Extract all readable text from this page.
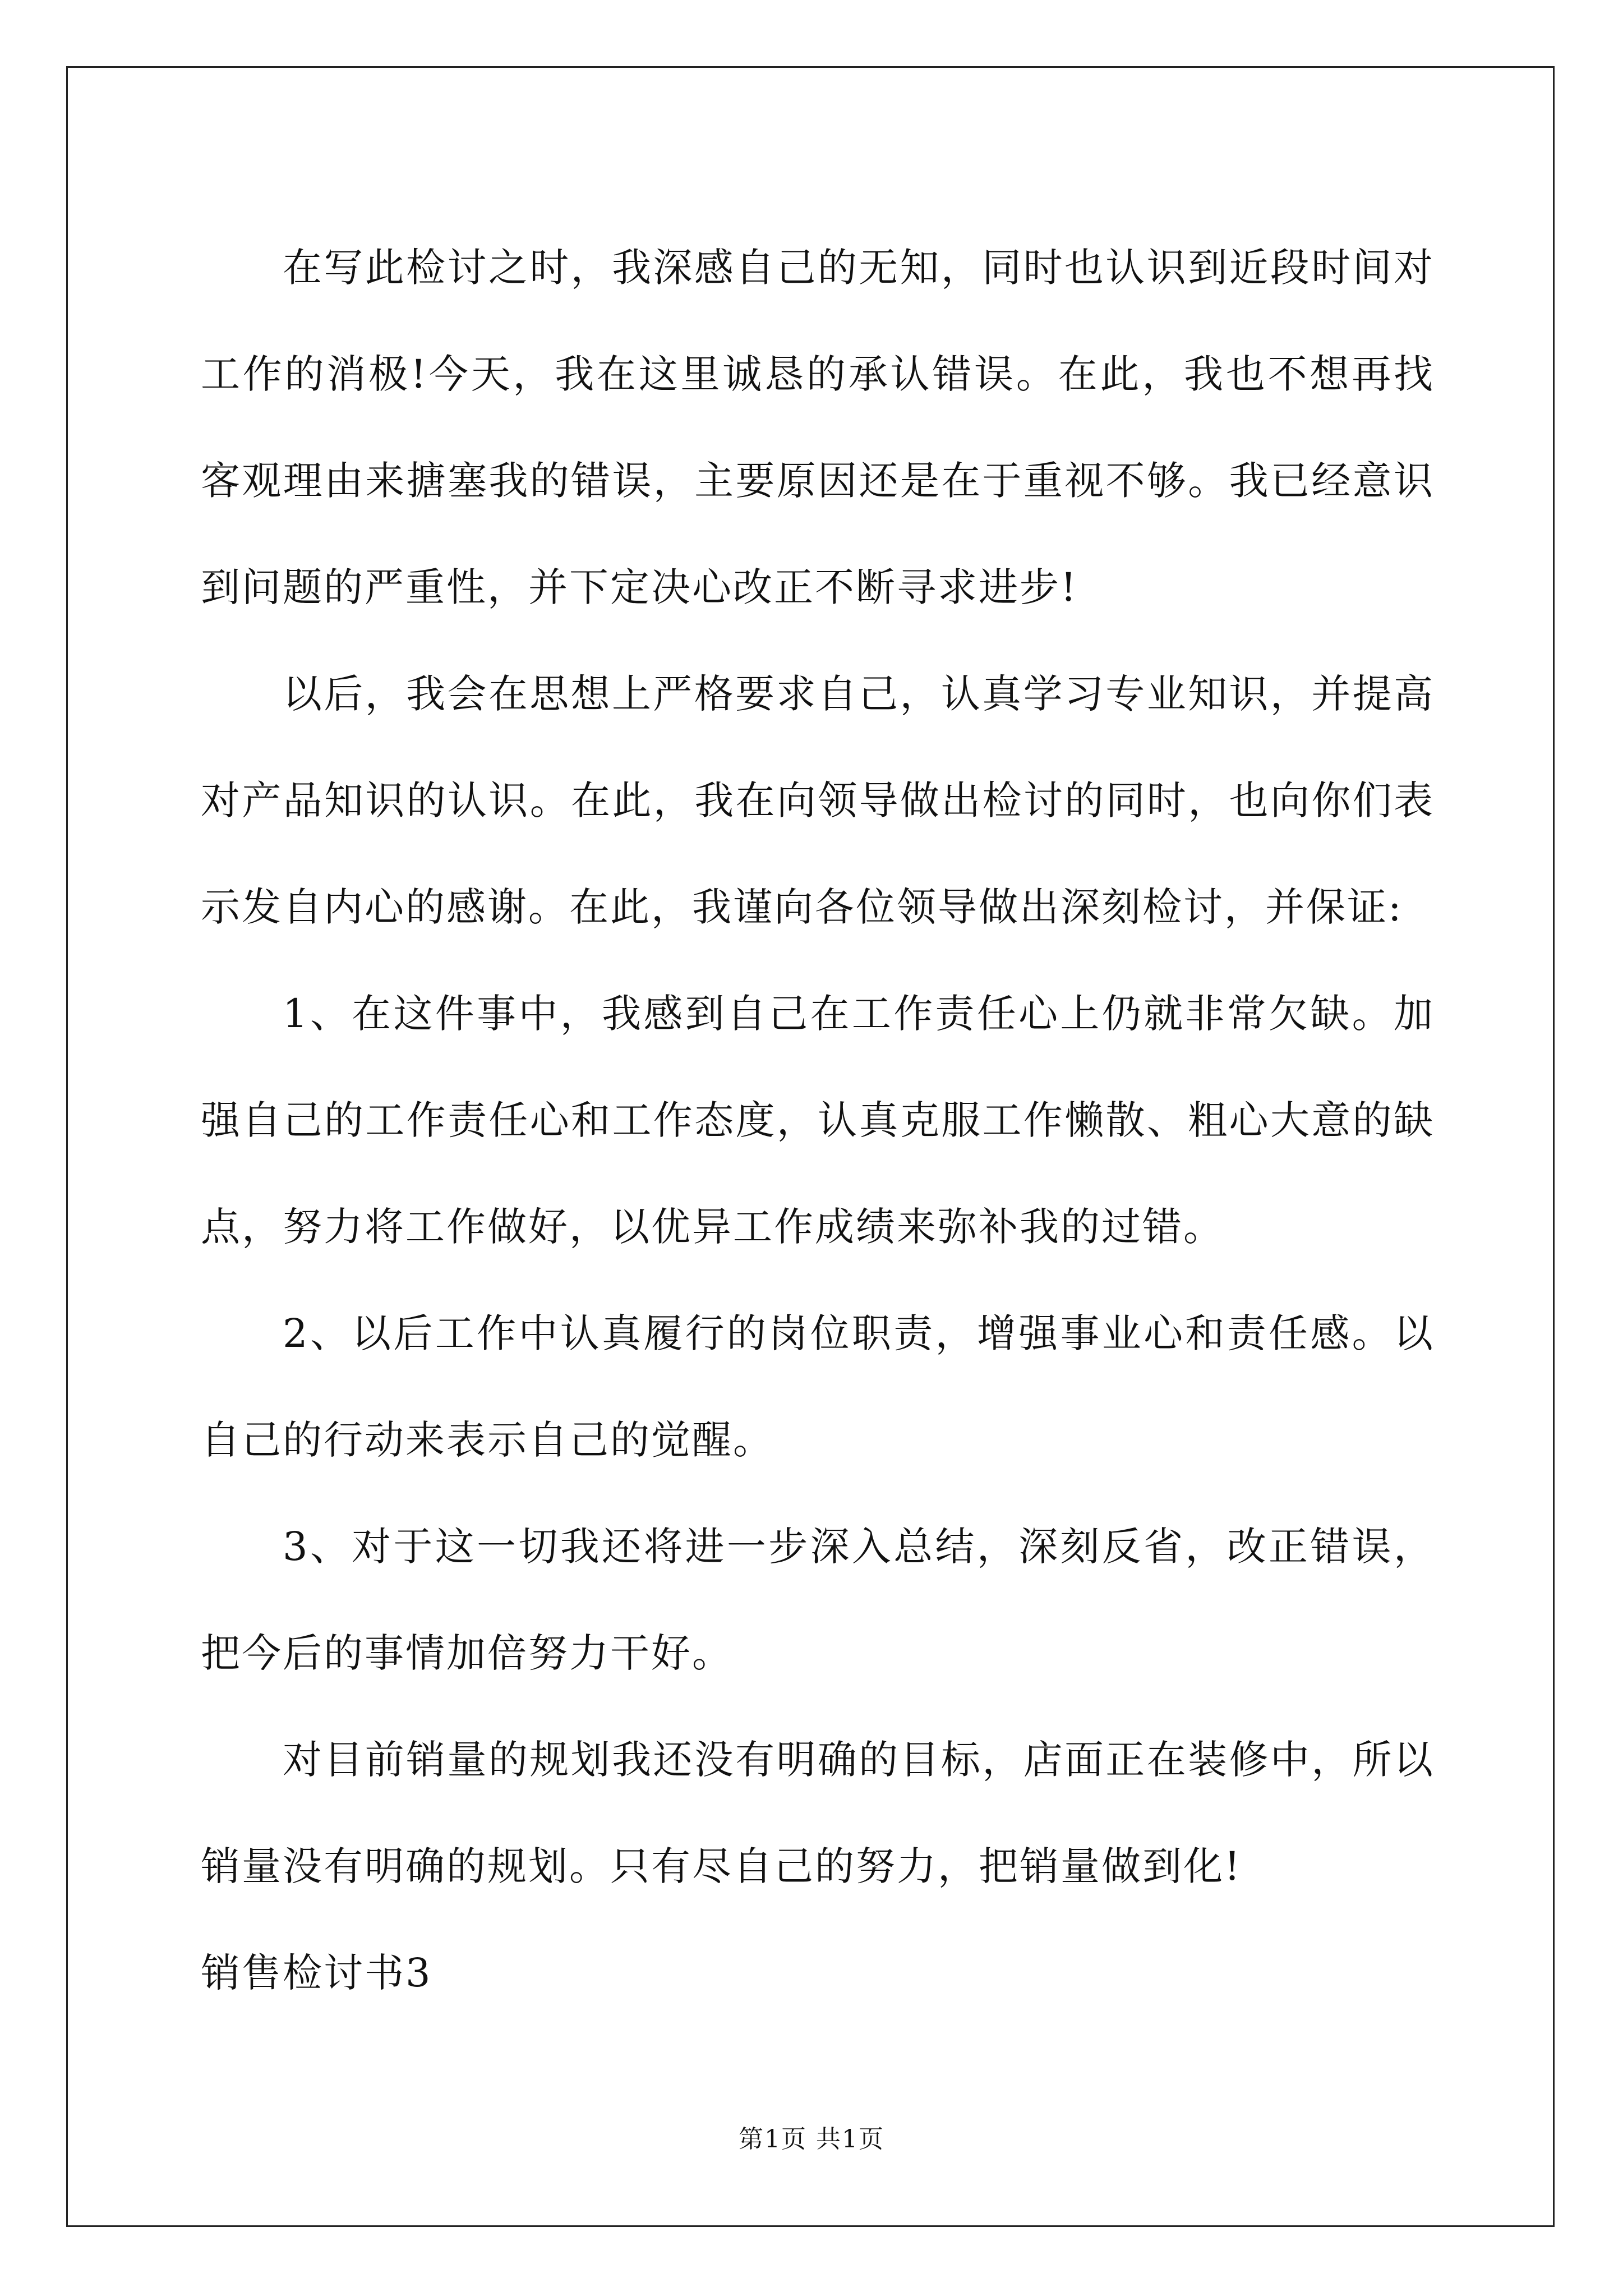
在写此检讨之时，我深感自己的无知，同时也认识到近段时间对工作的消极!今天，我在这里诚恳的承认错误。在此，我也不想再找客观理由来搪塞我的错误，主要原因还是在于重视不够。我已经意识到问题的严重性，并下定决心改正不断寻求进步!

以后，我会在思想上严格要求自己，认真学习专业知识，并提高对产品知识的认识。在此，我在向领导做出检讨的同时，也向你们表示发自内心的感谢。在此，我谨向各位领导做出深刻检讨，并保证:

1、在这件事中，我感到自己在工作责任心上仍就非常欠缺。加强自己的工作责任心和工作态度，认真克服工作懒散、粗心大意的缺点，努力将工作做好，以优异工作成绩来弥补我的过错。

2、以后工作中认真履行的岗位职责，增强事业心和责任感。以自己的行动来表示自己的觉醒。

3、对于这一切我还将进一步深入总结，深刻反省，改正错误，把今后的事情加倍努力干好。

对目前销量的规划我还没有明确的目标，店面正在装修中，所以销量没有明确的规划。只有尽自己的努力，把销量做到化!

销售检讨书3

第1页 共1页
